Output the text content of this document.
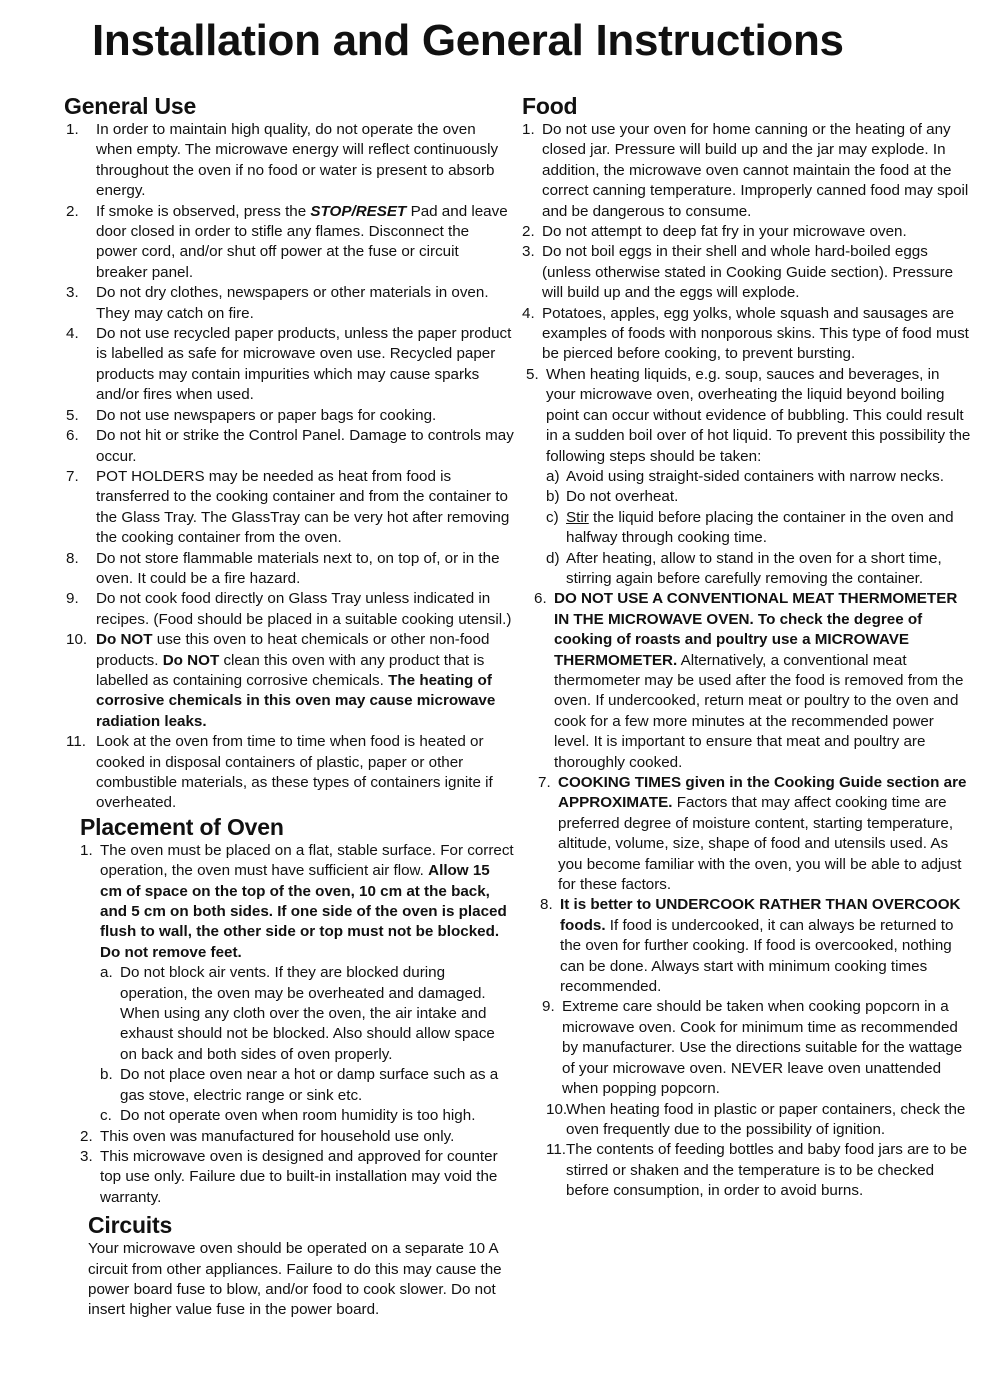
Installation and General Instructions
General Use
1. In order to maintain high quality, do not operate the oven when empty. The microwave energy will reflect continuously throughout the oven if no food or water is present to absorb energy.
2. If smoke is observed, press the STOP/RESET Pad and leave door closed in order to stifle any flames. Disconnect the power cord, and/or shut off power at the fuse or circuit breaker panel.
3. Do not dry clothes, newspapers or other materials in oven. They may catch on fire.
4. Do not use recycled paper products, unless the paper product is labelled as safe for microwave oven use. Recycled paper products may contain impurities which may cause sparks and/or fires when used.
5. Do not use newspapers or paper bags for cooking.
6. Do not hit or strike the Control Panel. Damage to controls may occur.
7. POT HOLDERS may be needed as heat from food is transferred to the cooking container and from the container to the Glass Tray. The GlassTray can be very hot after removing the cooking container from the oven.
8. Do not store flammable materials next to, on top of, or in the oven. It could be a fire hazard.
9. Do not cook food directly on Glass Tray unless indicated in recipes. (Food should be placed in a suitable cooking utensil.)
10. Do NOT use this oven to heat chemicals or other non-food products. Do NOT clean this oven with any product that is labelled as containing corrosive chemicals. The heating of corrosive chemicals in this oven may cause microwave radiation leaks.
11. Look at the oven from time to time when food is heated or cooked in disposal containers of plastic, paper or other combustible materials, as these types of containers ignite if overheated.
Placement of Oven
1. The oven must be placed on a flat, stable surface. For correct operation, the oven must have sufficient air flow. Allow 15 cm of space on the top of the oven, 10 cm at the back, and 5 cm on both sides. If one side of the oven is placed flush to wall, the other side or top must not be blocked. Do not remove feet.
a. Do not block air vents. If they are blocked during operation, the oven may be overheated and damaged. When using any cloth over the oven, the air intake and exhaust should not be blocked. Also should allow space on back and both sides of oven properly.
b. Do not place oven near a hot or damp surface such as a gas stove, electric range or sink etc.
c. Do not operate oven when room humidity is too high.
2. This oven was manufactured for household use only.
3. This microwave oven is designed and approved for counter top use only. Failure due to built-in installation may void the warranty.
Circuits

Your microwave oven should be operated on a separate 10 A circuit from other appliances. Failure to do this may cause the power board fuse to blow, and/or food to cook slower. Do not insert higher value fuse in the power board.

Food
1. Do not use your oven for home canning or the heating of any closed jar. Pressure will build up and the jar may explode. In addition, the microwave oven cannot maintain the food at the correct canning temperature. Improperly canned food may spoil and be dangerous to consume.
2. Do not attempt to deep fat fry in your microwave oven.
3. Do not boil eggs in their shell and whole hard-boiled eggs (unless otherwise stated in Cooking Guide section). Pressure will build up and the eggs will explode.
4. Potatoes, apples, egg yolks, whole squash and sausages are examples of foods with nonporous skins. This type of food must be pierced before cooking, to prevent bursting.
5. When heating liquids, e.g. soup, sauces and beverages, in your microwave oven, overheating the liquid beyond boiling point can occur without evidence of bubbling. This could result in a sudden boil over of hot liquid. To prevent this possibility the following steps should be taken:
a) Avoid using straight-sided containers with narrow necks.
b) Do not overheat.
c) Stir the liquid before placing the container in the oven and halfway through cooking time.
d) After heating, allow to stand in the oven for a short time, stirring again before carefully removing the container.
6. DO NOT USE A CONVENTIONAL MEAT THERMOMETER IN THE MICROWAVE OVEN. To check the degree of cooking of roasts and poultry use a MICROWAVE THERMOMETER. Alternatively, a conventional meat thermometer may be used after the food is removed from the oven. If undercooked, return meat or poultry to the oven and cook for a few more minutes at the recommended power level. It is important to ensure that meat and poultry are thoroughly cooked.
7. COOKING TIMES given in the Cooking Guide section are APPROXIMATE. Factors that may affect cooking time are preferred degree of moisture content, starting temperature, altitude, volume, size, shape of food and utensils used. As you become familiar with the oven, you will be able to adjust for these factors.
8. It is better to UNDERCOOK RATHER THAN OVERCOOK foods. If food is undercooked, it can always be returned to the oven for further cooking. If food is overcooked, nothing can be done. Always start with minimum cooking times recommended.
9. Extreme care should be taken when cooking popcorn in a microwave oven. Cook for minimum time as recommended by manufacturer. Use the directions suitable for the wattage of your microwave oven. NEVER leave oven unattended when popping popcorn.
10.
When heating food in plastic or paper containers, check the oven frequently due to the possibility of ignition.
11. The contents of feeding bottles and baby food jars are to be stirred or shaken and the temperature is to be checked before consumption, in order to avoid burns.
